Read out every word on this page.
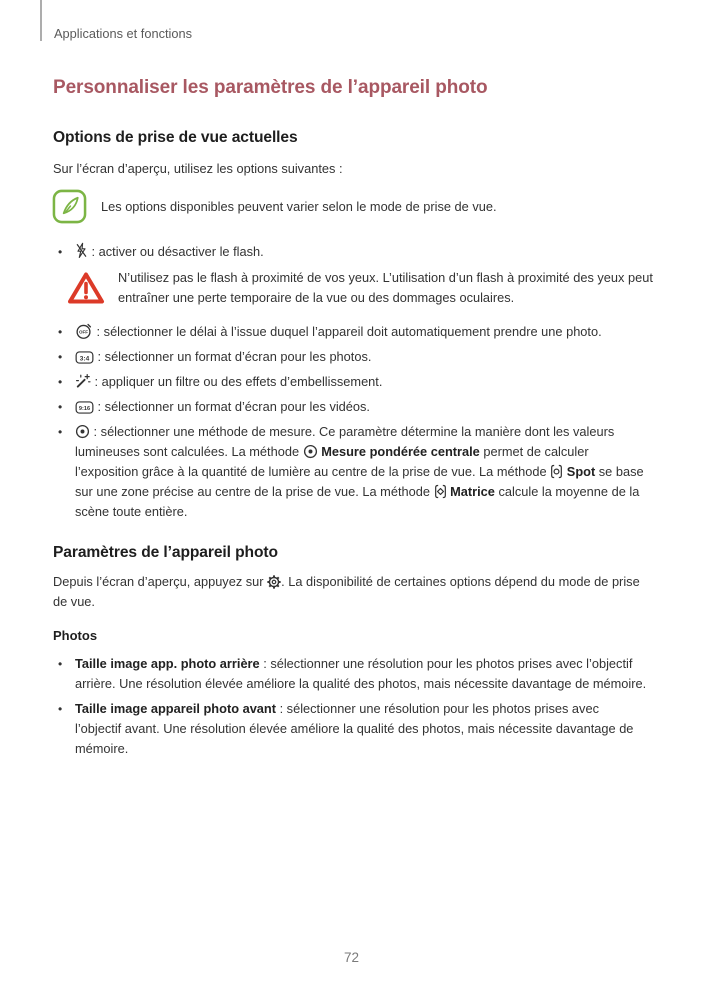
Applications et fonctions
Personnaliser les paramètres de l’appareil photo
Options de prise de vue actuelles
Sur l’écran d’aperçu, utilisez les options suivantes :
Les options disponibles peuvent varier selon le mode de prise de vue.
•	: activer ou désactiver le flash.
N’utilisez pas le flash à proximité de vos yeux. L’utilisation d’un flash à proximité des yeux peut entraîner une perte temporaire de la vue ou des dommages oculaires.
•	OFF : sélectionner le délai à l’issue duquel l’appareil doit automatiquement prendre une photo.
•	3:4 : sélectionner un format d’écran pour les photos.
•	: appliquer un filtre ou des effets d’embellissement.
•	9:16 : sélectionner un format d’écran pour les vidéos.
•	: sélectionner une méthode de mesure. Ce paramètre détermine la manière dont les valeurs lumineuses sont calculées. La méthode Mesure pondérée centrale permet de calculer l’exposition grâce à la quantité de lumière au centre de la prise de vue. La méthode Spot se base sur une zone précise au centre de la prise de vue. La méthode Matrice calcule la moyenne de la scène toute entière.
Paramètres de l’appareil photo
Depuis l’écran d’aperçu, appuyez sur . La disponibilité de certaines options dépend du mode de prise de vue.
Photos
• Taille image app. photo arrière : sélectionner une résolution pour les photos prises avec l’objectif arrière. Une résolution élevée améliore la qualité des photos, mais nécessite davantage de mémoire.
• Taille image appareil photo avant : sélectionner une résolution pour les photos prises avec l’objectif avant. Une résolution élevée améliore la qualité des photos, mais nécessite davantage de mémoire.
72
